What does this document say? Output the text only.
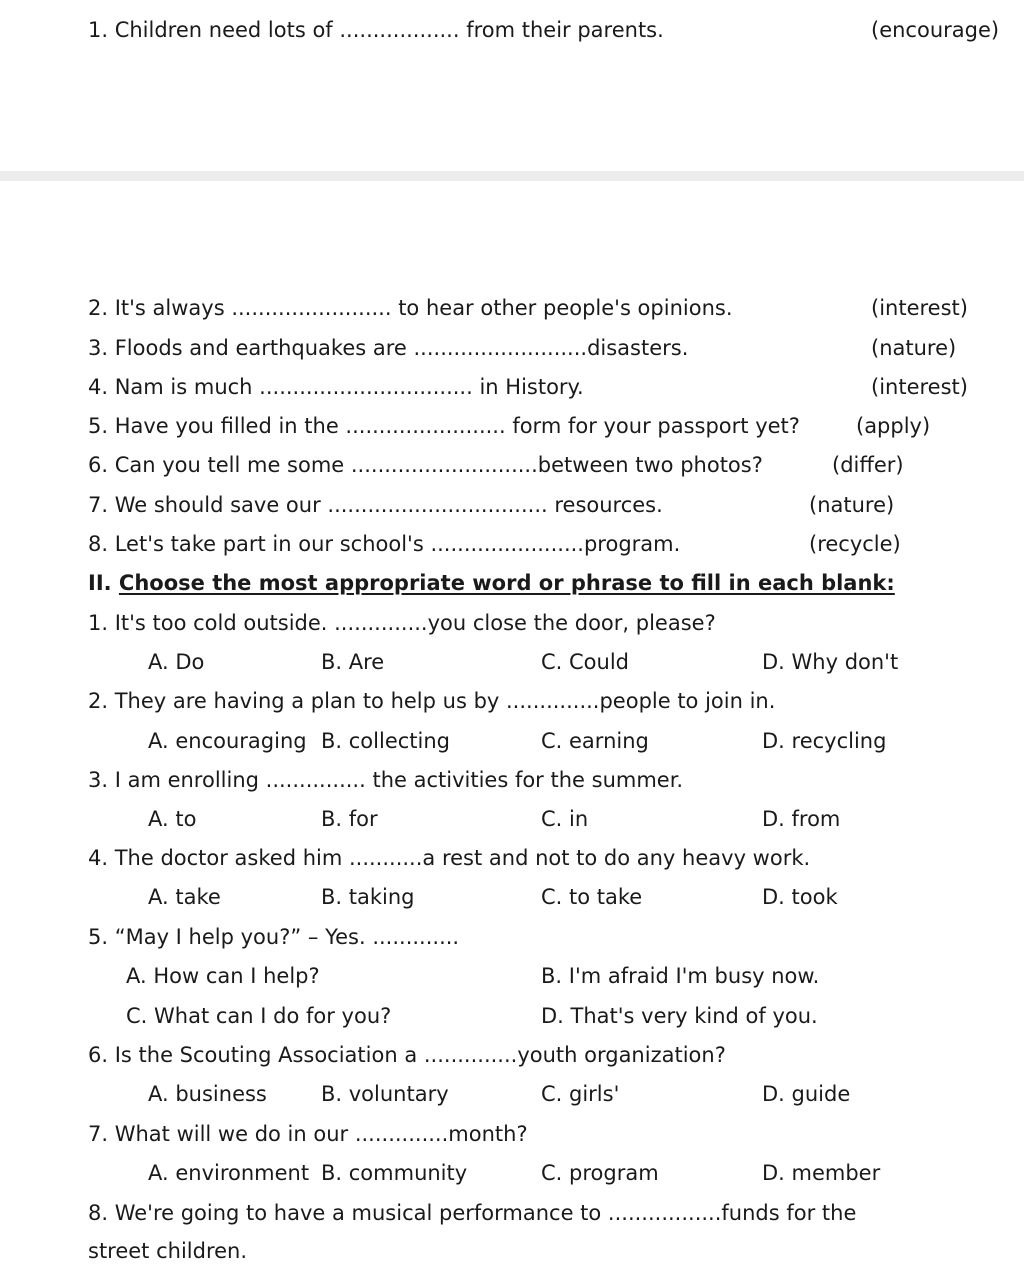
1. Children need lots of .................. from their parents.	(encourage)
2. It's always ........................ to hear other people's opinions.	(interest)
3. Floods and earthquakes are ..........................disasters.	(nature)
4. Nam is much ................................ in History.	(interest)
5. Have you filled in the ........................ form for your passport yet?	(apply)
6. Can you tell me some ............................between two photos?	(differ)
7. We should save our ................................. resources.	(nature)
8. Let's take part in our school's .......................program.	(recycle)
II. Choose the most appropriate word or phrase to fill in each blank:
1. It's too cold outside. ..............you close the door, please?
A. Do	B. Are	C. Could	D. Why don't
2. They are having a plan to help us by ..............people to join in.
A. encouraging B. collecting	C. earning	D. recycling
3. I am enrolling ............... the activities for the summer.
A. to	B. for	C. in	D. from
4. The doctor asked him ...........a rest and not to do any heavy work.
A. take	B. taking	C. to take	D. took
5. “May I help you?” – Yes. .............
A. How can I help?	B. I'm afraid I'm busy now.
C. What can I do for you?	D. That's very kind of you.
6. Is the Scouting Association a ..............youth organization?
A. business	B. voluntary	C. girls'	D. guide
7. What will we do in our ..............month?
A. environment B. community	C. program	D. member
8. We're going to have a musical performance to .................funds for the
street children.
